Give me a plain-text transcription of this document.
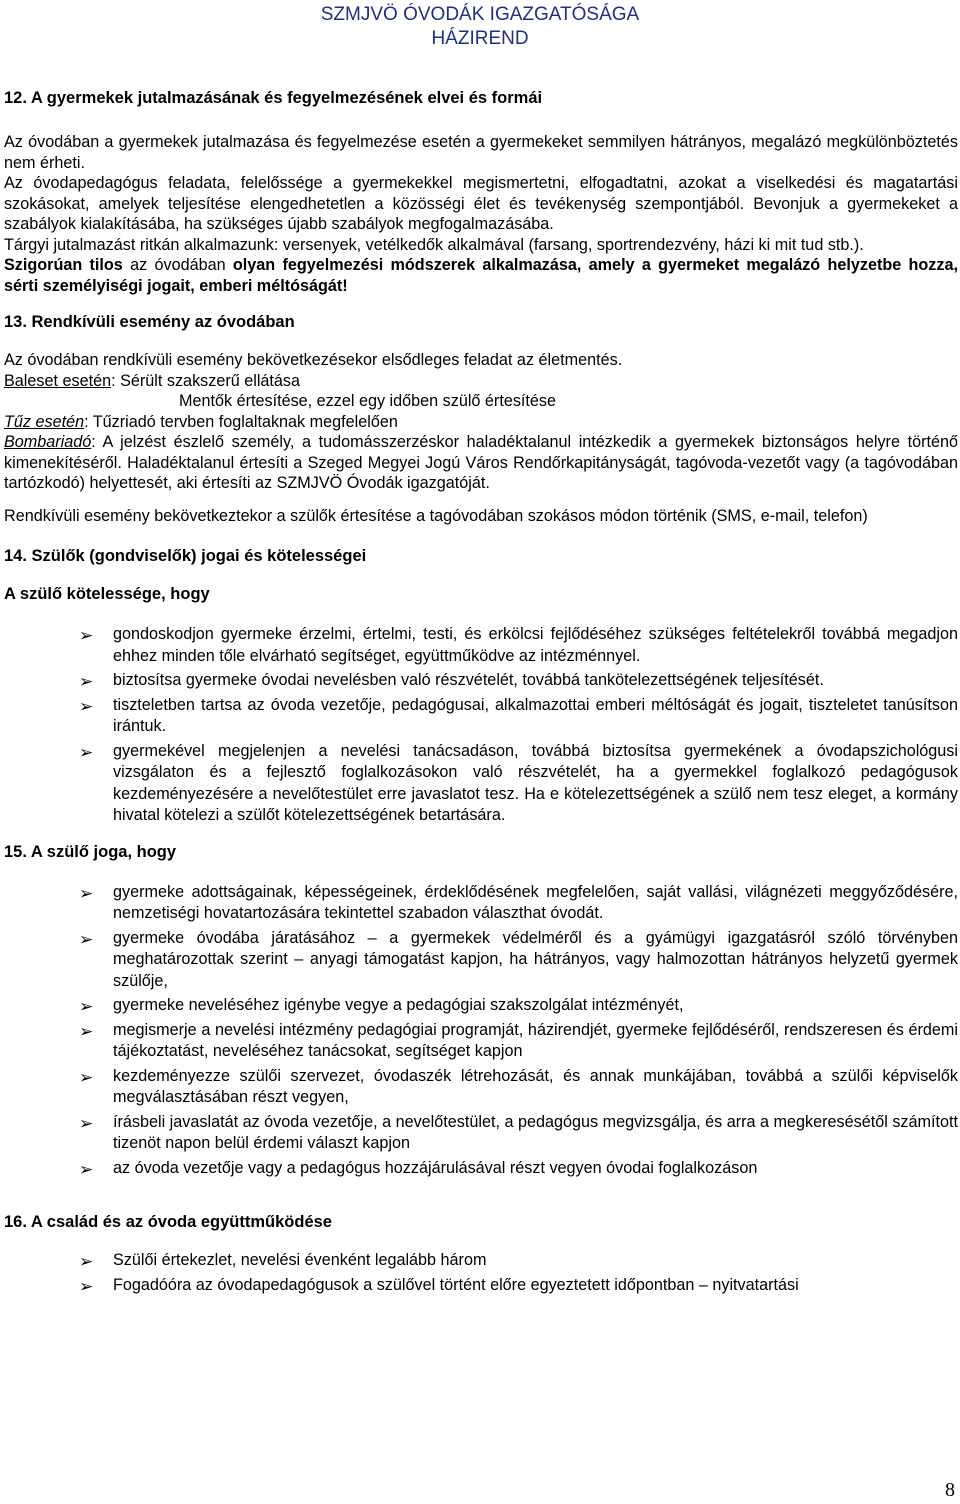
SZMJVÖ ÓVODÁK IGAZGATÓSÁGA
HÁZIREND
12. A gyermekek jutalmazásának és fegyelmezésének elvei és formái

Az óvodában a gyermekek jutalmazása és fegyelmezése esetén a gyermekeket semmilyen hátrányos, megalázó megkülönböztetés nem érheti.

Az óvodapedagógus feladata, felelőssége a gyermekekkel megismertetni, elfogadtatni, azokat a viselkedési és magatartási szokásokat, amelyek teljesítése elengedhetetlen a közösségi élet és tevékenység szempontjából. Bevonjuk a gyermekeket a szabályok kialakításába, ha szükséges újabb szabályok megfogalmazásába.

Tárgyi jutalmazást ritkán alkalmazunk: versenyek, vetélkedők alkalmával (farsang, sportrendezvény, házi ki mit tud stb.).

Szigorúan tilos az óvodában olyan fegyelmezési módszerek alkalmazása, amely a gyermeket megalázó helyzetbe hozza, sérti személyiségi jogait, emberi méltóságát!

13. Rendkívüli esemény az óvodában

Az óvodában rendkívüli esemény bekövetkezésekor elsődleges feladat az életmentés.

Baleset esetén: Sérült szakszerű ellátása

Mentők értesítése, ezzel egy időben szülő értesítése

Tűz esetén: Tűzriadó tervben foglaltaknak megfelelően

Bombariadó: A jelzést észlelő személy, a tudomásszerzéskor haladéktalanul intézkedik a gyermekek biztonságos helyre történő kimenekítéséről. Haladéktalanul értesíti a Szeged Megyei Jogú Város Rendőrkapitányságát, tagóvoda-vezetőt vagy (a tagóvodában tartózkodó) helyettesét, aki értesíti az SZMJVÖ Óvodák igazgatóját.

Rendkívüli esemény bekövetkeztekor a szülők értesítése a tagóvodában szokásos módon történik (SMS, e-mail, telefon)

14. Szülők (gondviselők) jogai és kötelességei
A szülő kötelessége, hogy
➢ gondoskodjon gyermeke érzelmi, értelmi, testi, és erkölcsi fejlődéséhez szükséges feltételekről továbbá megadjon ehhez minden tőle elvárható segítséget, együttműködve az intézménnyel.
➢ biztosítsa gyermeke óvodai nevelésben való részvételét, továbbá tankötelezettségének teljesítését.
➢ tiszteletben tartsa az óvoda vezetője, pedagógusai, alkalmazottai emberi méltóságát és jogait, tiszteletet tanúsítson irántuk.
➢ gyermekével megjelenjen a nevelési tanácsadáson, továbbá biztosítsa gyermekének a óvodapszichológusi vizsgálaton és a fejlesztő foglalkozásokon való részvételét, ha a gyermekkel foglalkozó pedagógusok kezdeményezésére a nevelőtestület erre javaslatot tesz. Ha e kötelezettségének a szülő nem tesz eleget, a kormány hivatal kötelezi a szülőt kötelezettségének betartására.
15. A szülő joga, hogy
➢ gyermeke adottságainak, képességeinek, érdeklődésének megfelelően, saját vallási, világnézeti meggyőződésére, nemzetiségi hovatartozására tekintettel szabadon választhat óvodát.
➢ gyermeke óvodába járatásához – a gyermekek védelméről és a gyámügyi igazgatásról szóló törvényben meghatározottak szerint – anyagi támogatást kapjon, ha hátrányos, vagy halmozottan hátrányos helyzetű gyermek szülője,
➢ gyermeke neveléséhez igénybe vegye a pedagógiai szakszolgálat intézményét,
➢ megismerje a nevelési intézmény pedagógiai programját, házirendjét, gyermeke fejlődéséről, rendszeresen és érdemi tájékoztatást, neveléséhez tanácsokat, segítséget kapjon
➢ kezdeményezze szülői szervezet, óvodaszék létrehozását, és annak munkájában, továbbá a szülői képviselők megválasztásában részt vegyen,
➢ írásbeli javaslatát az óvoda vezetője, a nevelőtestület, a pedagógus megvizsgálja, és arra a megkeresésétől számított tizenöt napon belül érdemi választ kapjon
➢ az óvoda vezetője vagy a pedagógus hozzájárulásával részt vegyen óvodai foglalkozáson
16. A család és az óvoda együttműködése
➢ Szülői értekezlet, nevelési évenként legalább három
➢ Fogadóóra az óvodapedagógusok a szülővel történt előre egyeztetett időpontban – nyitvatartási
8
